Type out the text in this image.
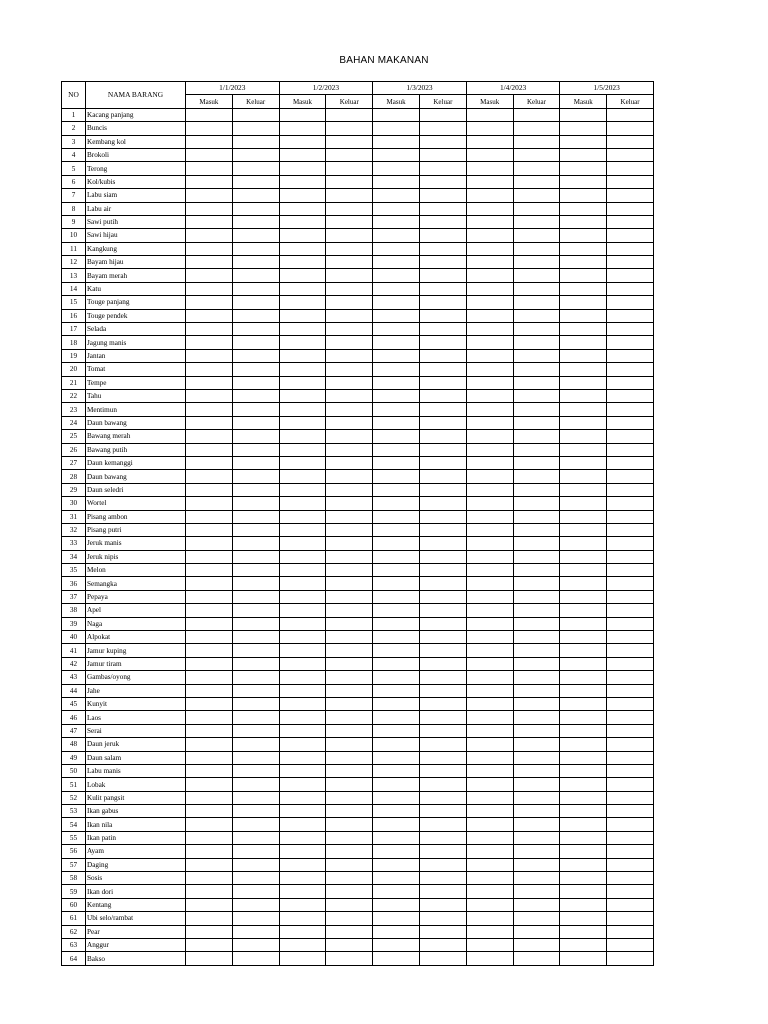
BAHAN MAKANAN
NO	NAMA BARANG	1/1/2023		1/2/2023		1/3/2023		1/4/2023		1/5/2023	
		Masuk	Keluar	Masuk	Keluar	Masuk	Keluar	Masuk	Keluar	Masuk	Keluar
1	Kacang panjang										
2	Buncis										
3	Kembang kol										
4	Brokoli										
5	Terong										
6	Kol/kubis										
7	Labu siam										
8	Labu air										
9	Sawi putih										
10	Sawi hijau										
11	Kangkung										
12	Bayam hijau										
13	Bayam merah										
14	Katu										
15	Touge panjang										
16	Touge pendek										
17	Selada										
18	Jagung manis										
19	Jantan										
20	Tomat										
21	Tempe										
22	Tahu										
23	Mentimun										
24	Daun bawang										
25	Bawang merah										
26	Bawang putih										
27	Daun kemanggi										
28	Daun bawang										
29	Daun seledri										
30	Wortel										
31	Pisang ambon										
32	Pisang putri										
33	Jeruk manis										
34	Jeruk nipis										
35	Melon										
36	Semangka										
37	Pepaya										
38	Apel										
39	Naga										
40	Alpokat										
41	Jamur kuping										
42	Jamur tiram										
43	Gambas/oyong										
44	Jahe										
45	Kunyit										
46	Laos										
47	Serai										
48	Daun jeruk										
49	Daun salam										
50	Labu manis										
51	Lobak										
52	Kulit pangsit										
53	Ikan gabus										
54	Ikan nila										
55	Ikan patin										
56	Ayam										
57	Daging										
58	Sosis										
59	Ikan dori										
60	Kentang										
61	Ubi selo/rambat										
62	Pear										
63	Anggur										
64	Bakso										
